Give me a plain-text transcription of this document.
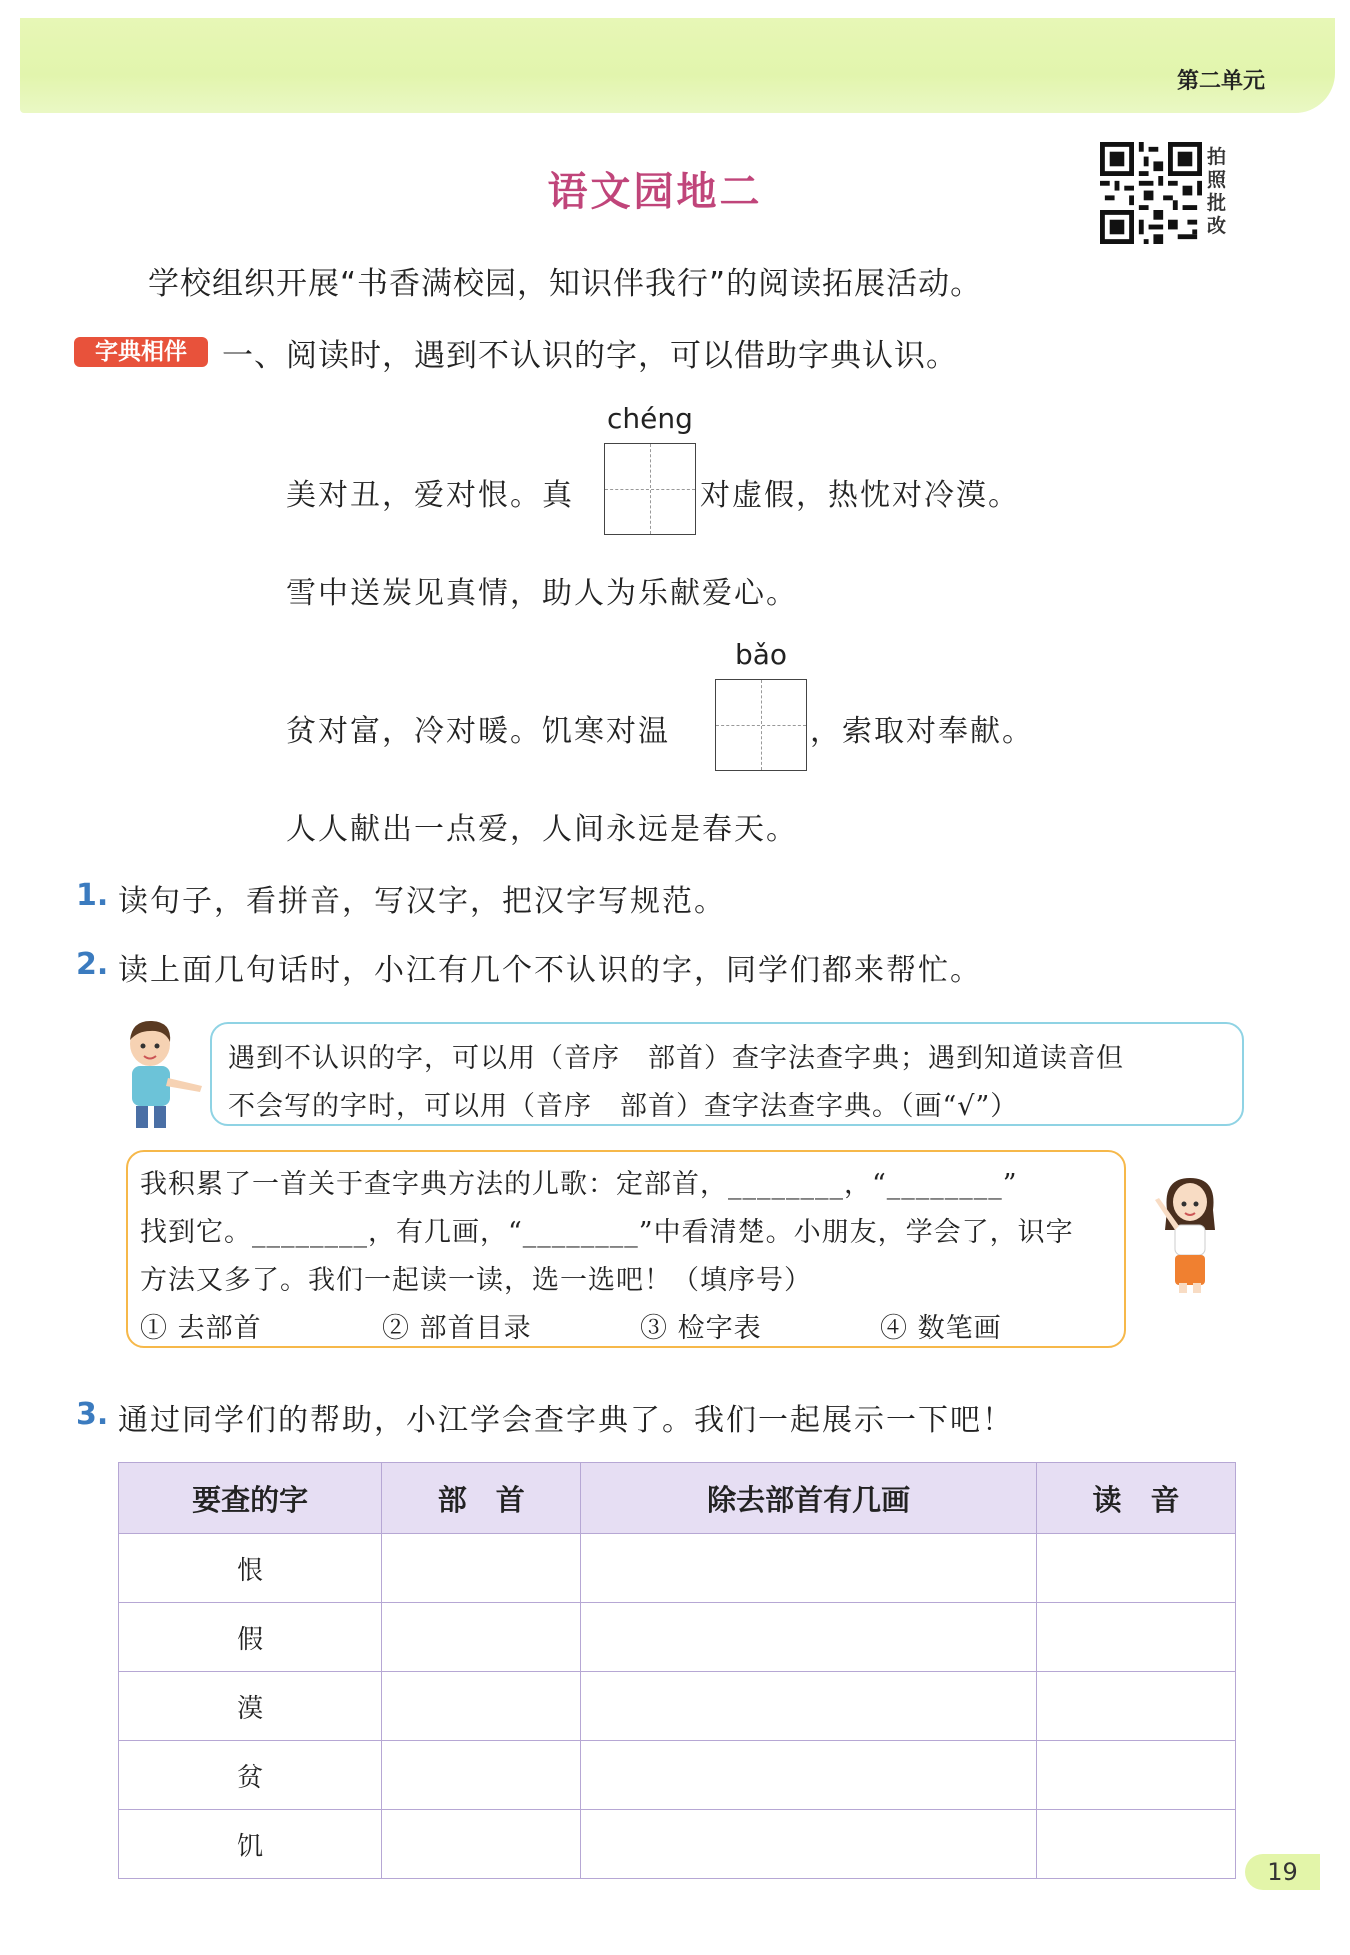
第二单元
语文园地二
拍
照
批
改
学校组织开展“书香满校园，知识伴我行”的阅读拓展活动。
字典相伴	一、阅读时，遇到不认识的字，可以借助字典认识。
美对丑，爱对恨。真
chéng
对虚假，热忱对冷漠。
雪中送炭见真情，助人为乐献爱心。
贫对富，冷对暖。饥寒对温
bǎo
，索取对奉献。
人人献出一点爱，人间永远是春天。
1. 读句子，看拼音，写汉字，把汉字写规范。
2. 读上面几句话时，小江有几个不认识的字，同学们都来帮忙。
遇到不认识的字，可以用（音序　部首）查字法查字典；遇到知道读音但
不会写的字时，可以用（音序　部首）查字法查字典。（画“√”）
我积累了一首关于查字典方法的儿歌：定部首，________，“________”
找到它。________，有几画，“________”中看清楚。小朋友，学会了，识字
方法又多了。我们一起读一读，选一选吧！（填序号）
① 去部首	② 部首目录	③ 检字表	④ 数笔画
3. 通过同学们的帮助，小江学会查字典了。我们一起展示一下吧！
要查的字	部　首	除去部首有几画	读　音
恨			
假			
漠			
贫			
饥			
19
